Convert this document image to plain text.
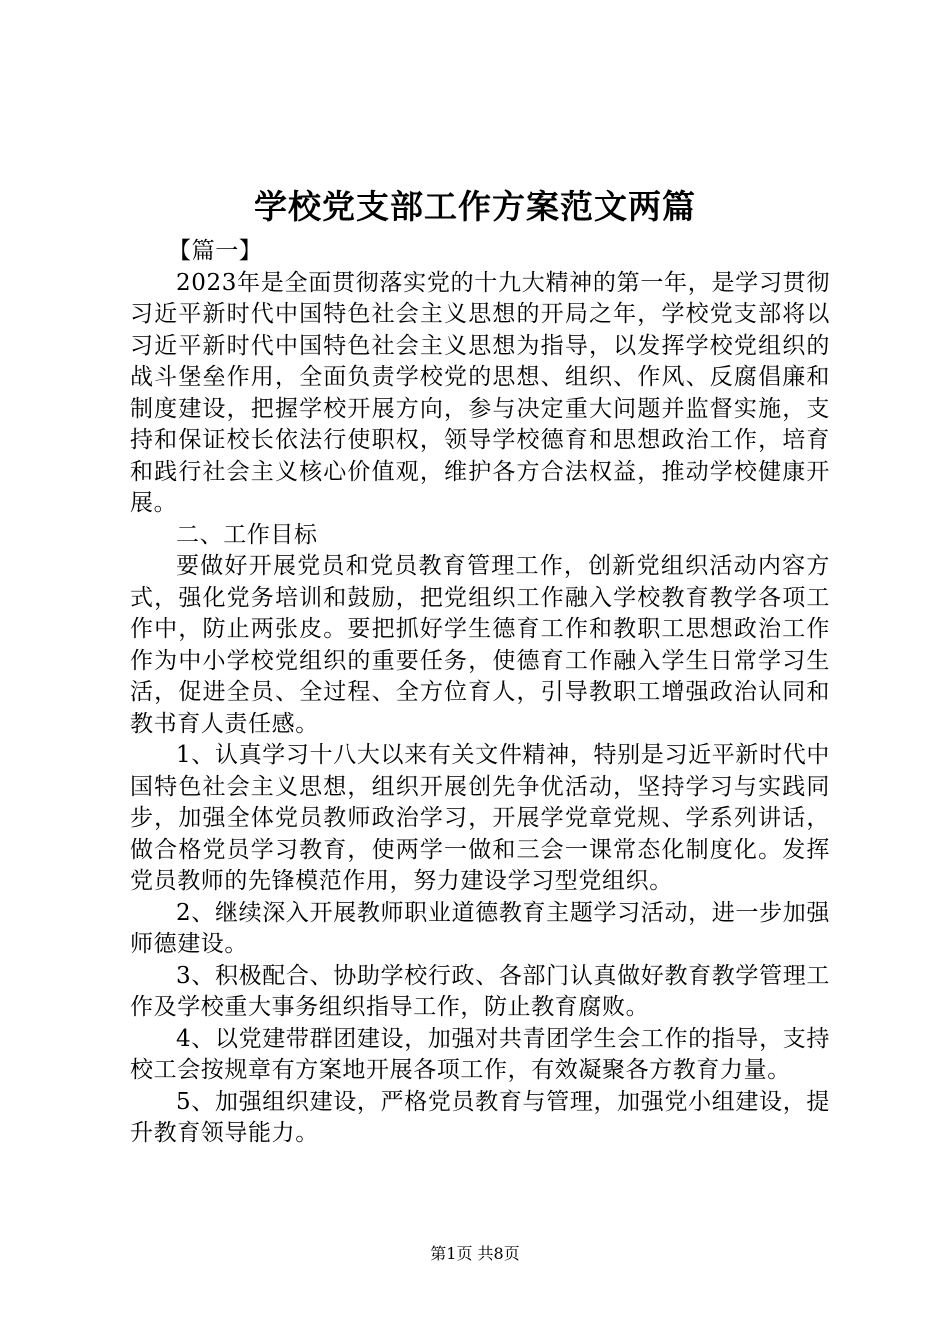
学校党支部工作方案范文两篇

【篇一】

2023年是全面贯彻落实党的十九大精神的第一年，是学习贯彻习近平新时代中国特色社会主义思想的开局之年，学校党支部将以习近平新时代中国特色社会主义思想为指导，以发挥学校党组织的战斗堡垒作用，全面负责学校党的思想、组织、作风、反腐倡廉和制度建设，把握学校开展方向，参与决定重大问题并监督实施，支持和保证校长依法行使职权，领导学校德育和思想政治工作，培育和践行社会主义核心价值观，维护各方合法权益，推动学校健康开展。

二、工作目标

要做好开展党员和党员教育管理工作，创新党组织活动内容方式，强化党务培训和鼓励，把党组织工作融入学校教育教学各项工作中，防止两张皮。要把抓好学生德育工作和教职工思想政治工作作为中小学校党组织的重要任务，使德育工作融入学生日常学习生活，促进全员、全过程、全方位育人，引导教职工增强政治认同和教书育人责任感。

1、认真学习十八大以来有关文件精神，特别是习近平新时代中国特色社会主义思想，组织开展创先争优活动，坚持学习与实践同步，加强全体党员教师政治学习，开展学党章党规、学系列讲话，做合格党员学习教育，使两学一做和三会一课常态化制度化。发挥党员教师的先锋模范作用，努力建设学习型党组织。

2、继续深入开展教师职业道德教育主题学习活动，进一步加强师德建设。

3、积极配合、协助学校行政、各部门认真做好教育教学管理工作及学校重大事务组织指导工作，防止教育腐败。

4、以党建带群团建设，加强对共青团学生会工作的指导，支持校工会按规章有方案地开展各项工作，有效凝聚各方教育力量。

5、加强组织建设，严格党员教育与管理，加强党小组建设，提升教育领导能力。

第1页 共8页
